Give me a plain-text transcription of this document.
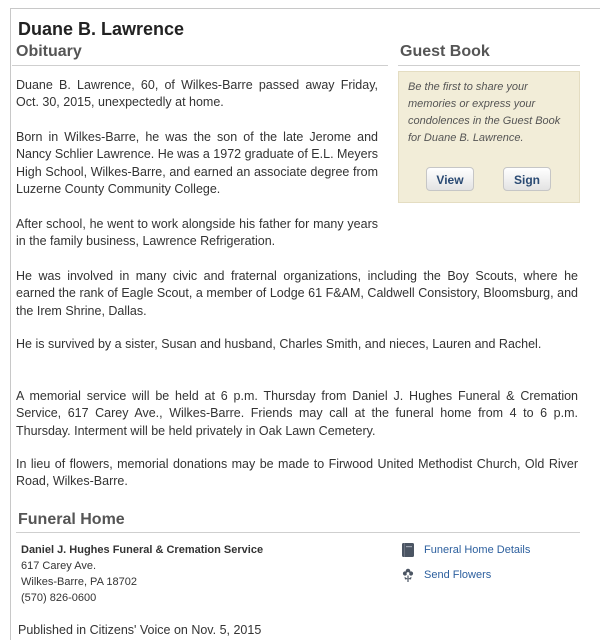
Duane B. Lawrence
Obituary	Guest Book
Be the first to share your memories or express your condolences in the Guest Book for Duane B. Lawrence.
View	Sign

Duane B. Lawrence, 60, of Wilkes-Barre passed away Friday, Oct. 30, 2015, unexpectedly at home.

Born in Wilkes-Barre, he was the son of the late Jerome and Nancy Schlier Lawrence. He was a 1972 graduate of E.L. Meyers High School, Wilkes-Barre, and earned an associate degree from Luzerne County Community College.

After school, he went to work alongside his father for many years in the family business, Lawrence Refrigeration.

He was involved in many civic and fraternal organizations, including the Boy Scouts, where he earned the rank of Eagle Scout, a member of Lodge 61 F&AM, Caldwell Consistory, Bloomsburg, and the Irem Shrine, Dallas.

He is survived by a sister, Susan and husband, Charles Smith, and nieces, Lauren and Rachel.

A memorial service will be held at 6 p.m. Thursday from Daniel J. Hughes Funeral & Cremation Service, 617 Carey Ave., Wilkes-Barre. Friends may call at the funeral home from 4 to 6 p.m. Thursday. Interment will be held privately in Oak Lawn Cemetery.

In lieu of flowers, memorial donations may be made to Firwood United Methodist Church, Old River Road, Wilkes-Barre.

Funeral Home
Daniel J. Hughes Funeral & Cremation Service
617 Carey Ave.
Wilkes-Barre, PA 18702
(570) 826-0600
Funeral Home Details
Send Flowers

Published in Citizens' Voice on Nov. 5, 2015
